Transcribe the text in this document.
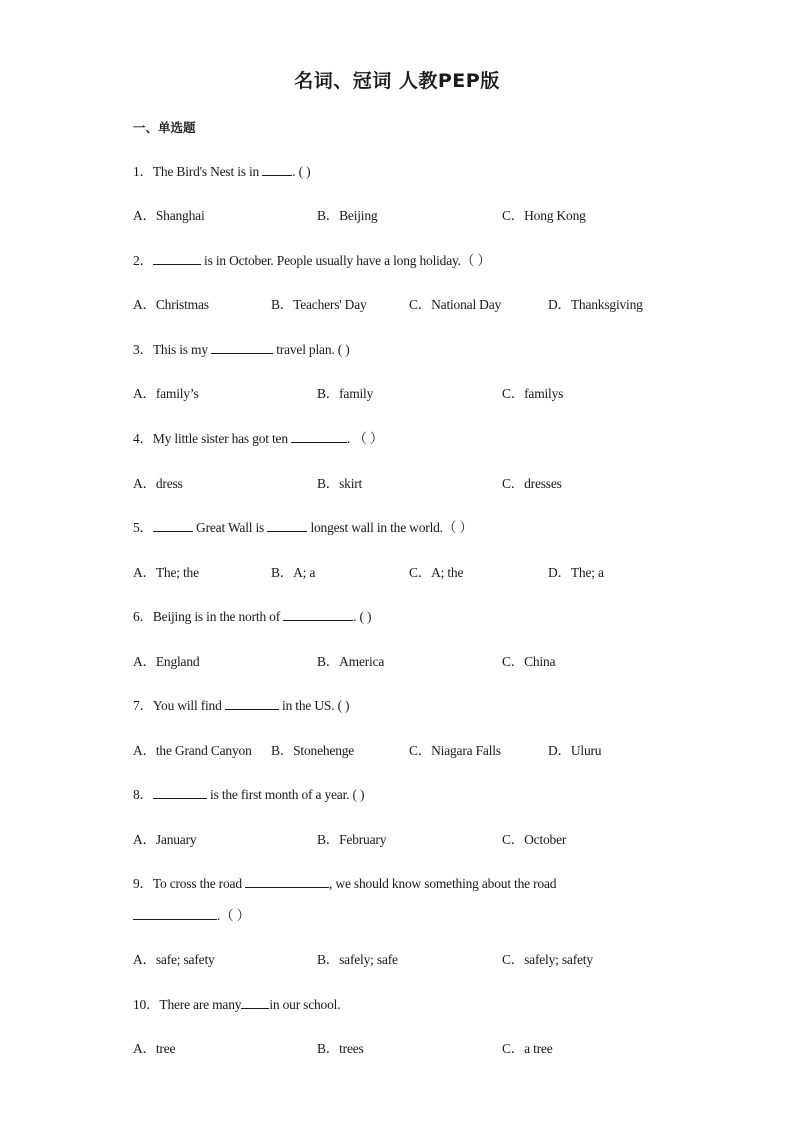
名词、冠词 人教PEP版
一、单选题
1．The Bird's Nest is in . ( )
A．Shanghai	B．Beijing	C．Hong Kong
2．	is in October. People usually have a long holiday.（ ）
A．Christmas	B．Teachers' Day	C．National Day	D．Thanksgiving
3．This is my	travel plan. ( )
A．family’s	B．family	C．familys
4．My little sister has got ten	. （ ）
A．dress	B．skirt	C．dresses
5．	Great Wall is	longest wall in the world.（ ）
A．The; the	B．A; a	C．A; the	D．The; a
6．Beijing is in the north of	. ( )
A．England	B．America	C．China
7．You will find	in the US. ( )
A．the Grand Canyon B．Stonehenge	C．Niagara Falls	D．Uluru
8．	is the first month of a year. ( )
A．January	B．February	C．October
9．To cross the road	, we should know something about the road
.（ ）
A．safe; safety	B．safely; safe	C．safely; safety
10．There are many in our school.
A．tree	B．trees	C．a tree
